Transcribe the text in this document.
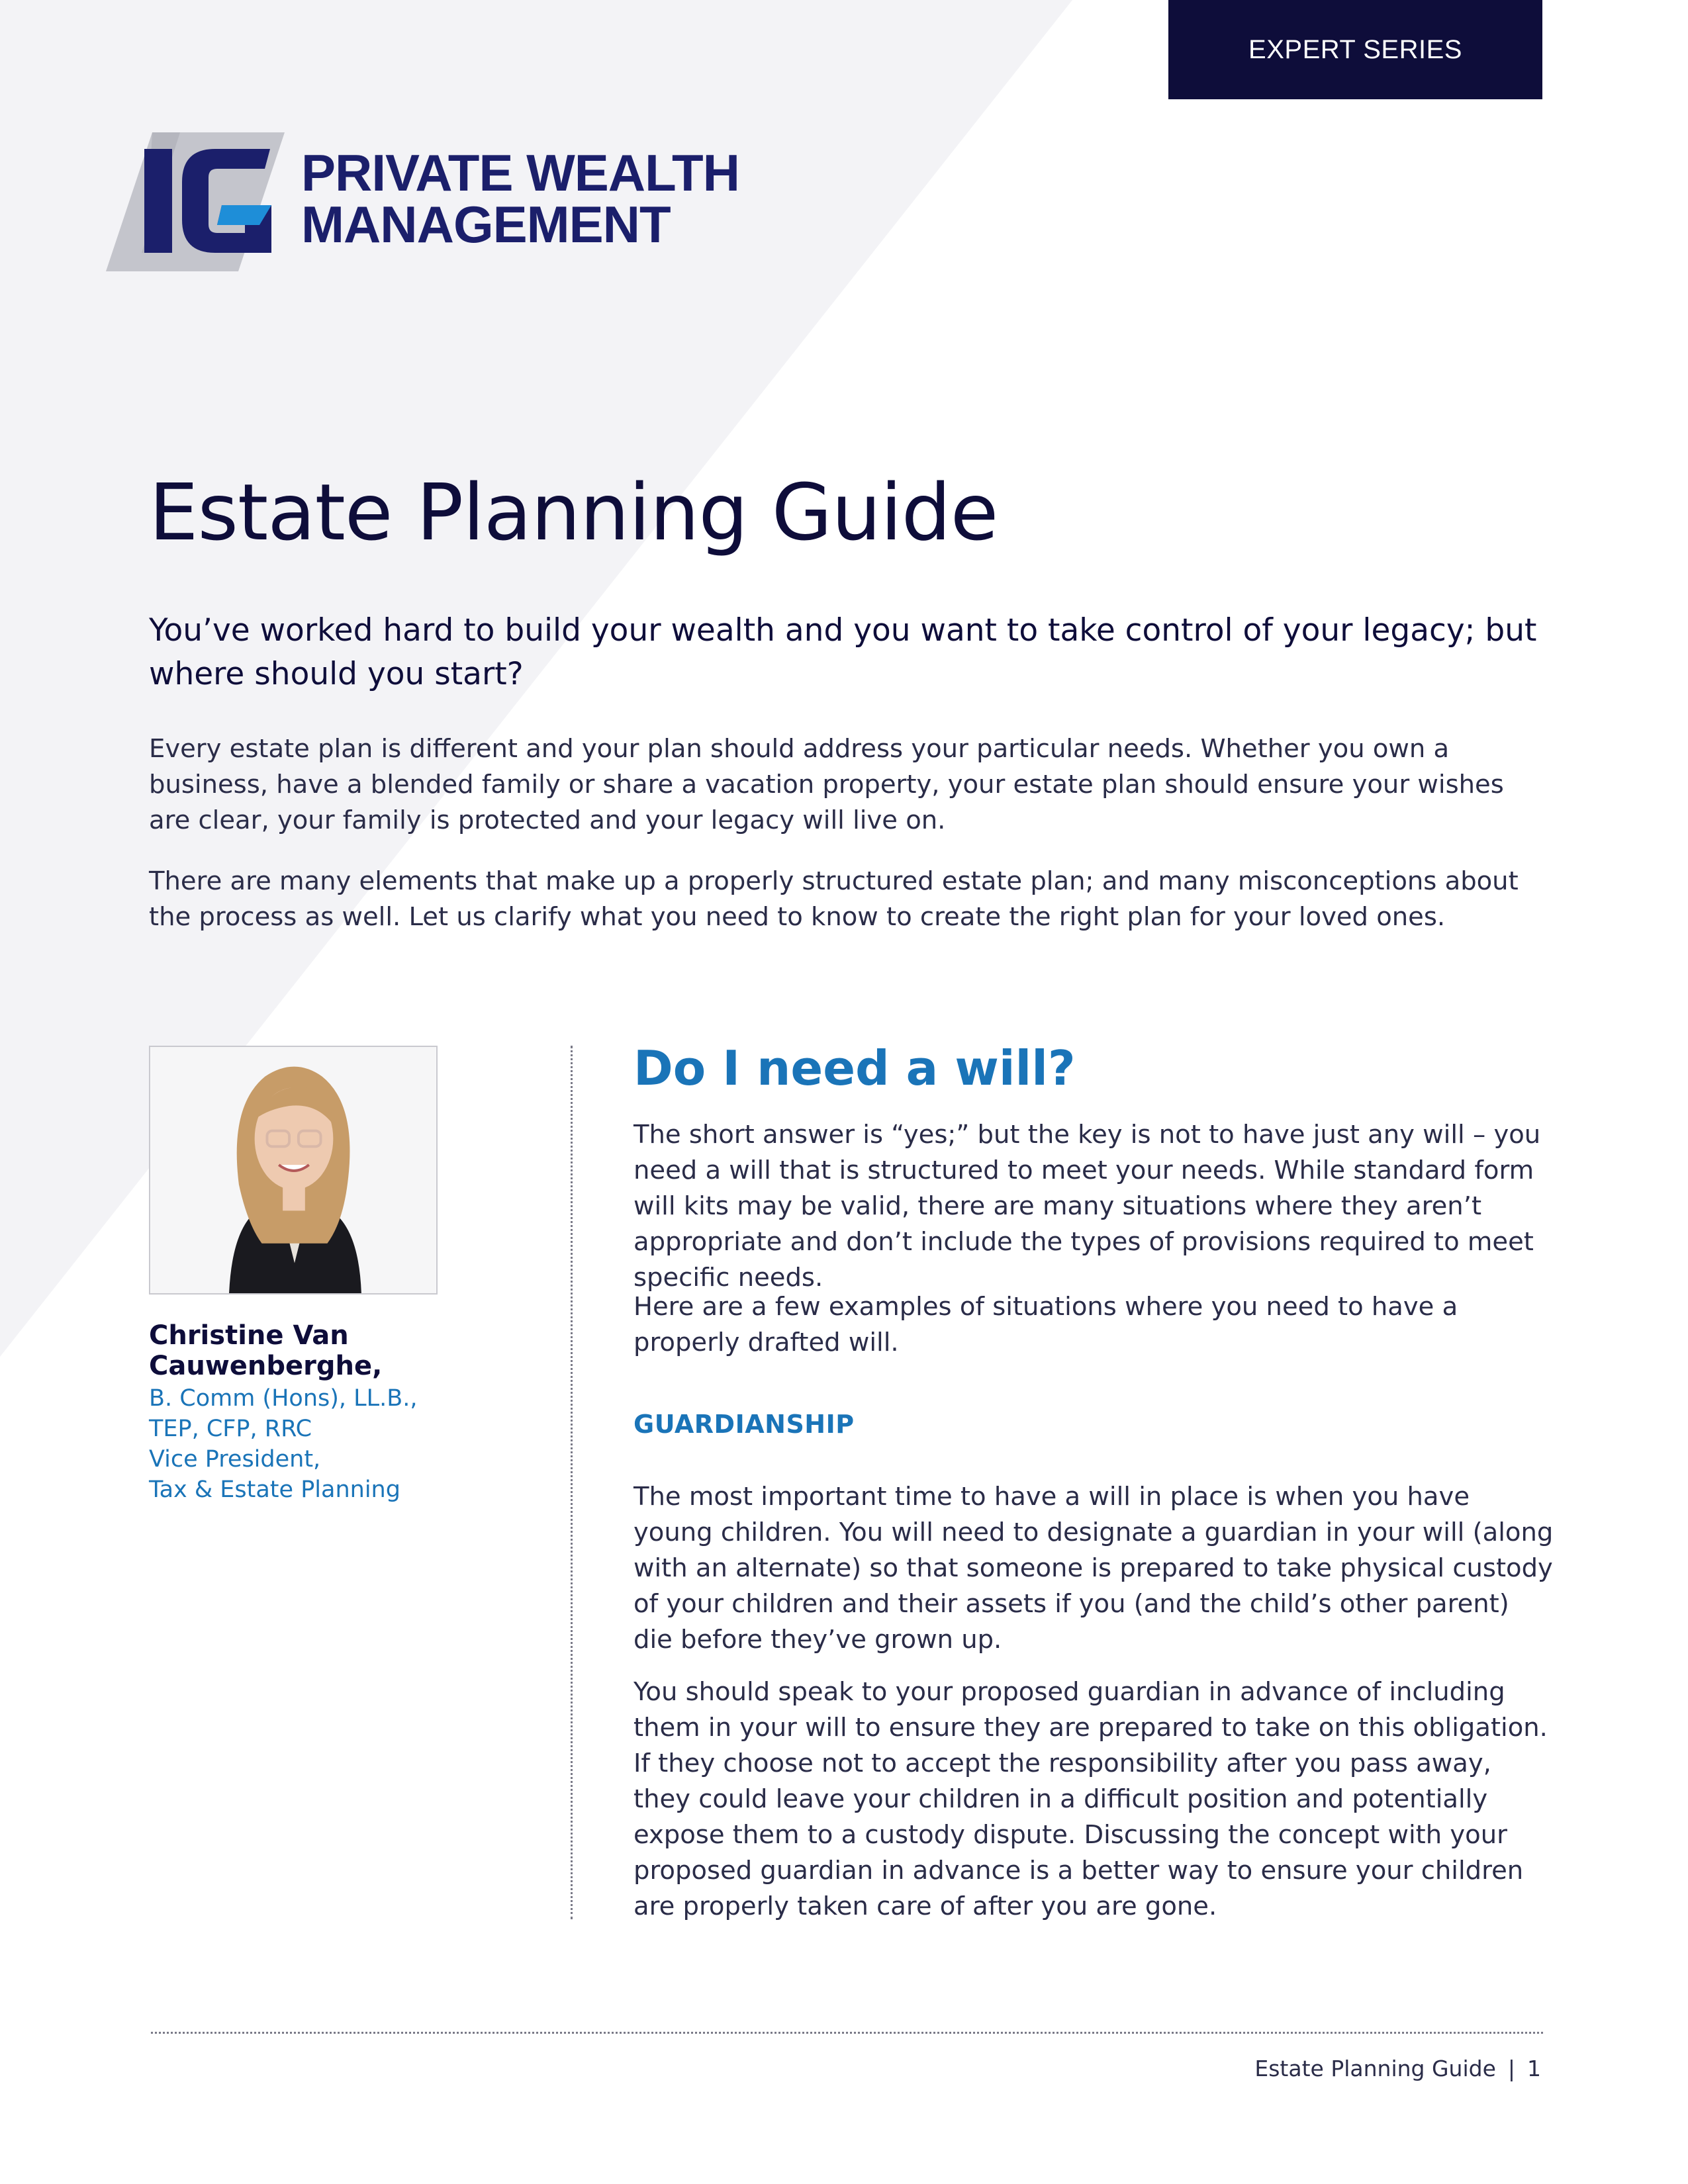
EXPERT SERIES
PRIVATE WEALTH
MANAGEMENT
Estate Planning Guide

You’ve worked hard to build your wealth and you want to take control of your legacy; but where should you start?

Every estate plan is different and your plan should address your particular needs. Whether you own a business, have a blended family or share a vacation property, your estate plan should ensure your wishes are clear, your family is protected and your legacy will live on.

There are many elements that make up a properly structured estate plan; and many misconceptions about the process as well. Let us clarify what you need to know to create the right plan for your loved ones.

Christine Van Cauwenberghe,
B. Comm (Hons), LL.B.,
TEP, CFP, RRC
Vice President,
Tax & Estate Planning
Do I need a will?

The short answer is “yes;” but the key is not to have just any will – you need a will that is structured to meet your needs. While standard form will kits may be valid, there are many situations where they aren’t appropriate and don’t include the types of provisions required to meet specific needs.

Here are a few examples of situations where you need to have a properly drafted will.

GUARDIANSHIP

The most important time to have a will in place is when you have young children. You will need to designate a guardian in your will (along with an alternate) so that someone is prepared to take physical custody of your children and their assets if you (and the child’s other parent) die before they’ve grown up.

You should speak to your proposed guardian in advance of including them in your will to ensure they are prepared to take on this obligation. If they choose not to accept the responsibility after you pass away, they could leave your children in a difficult position and potentially expose them to a custody dispute. Discussing the concept with your proposed guardian in advance is a better way to ensure your children are properly taken care of after you are gone.

Estate Planning Guide | 1
